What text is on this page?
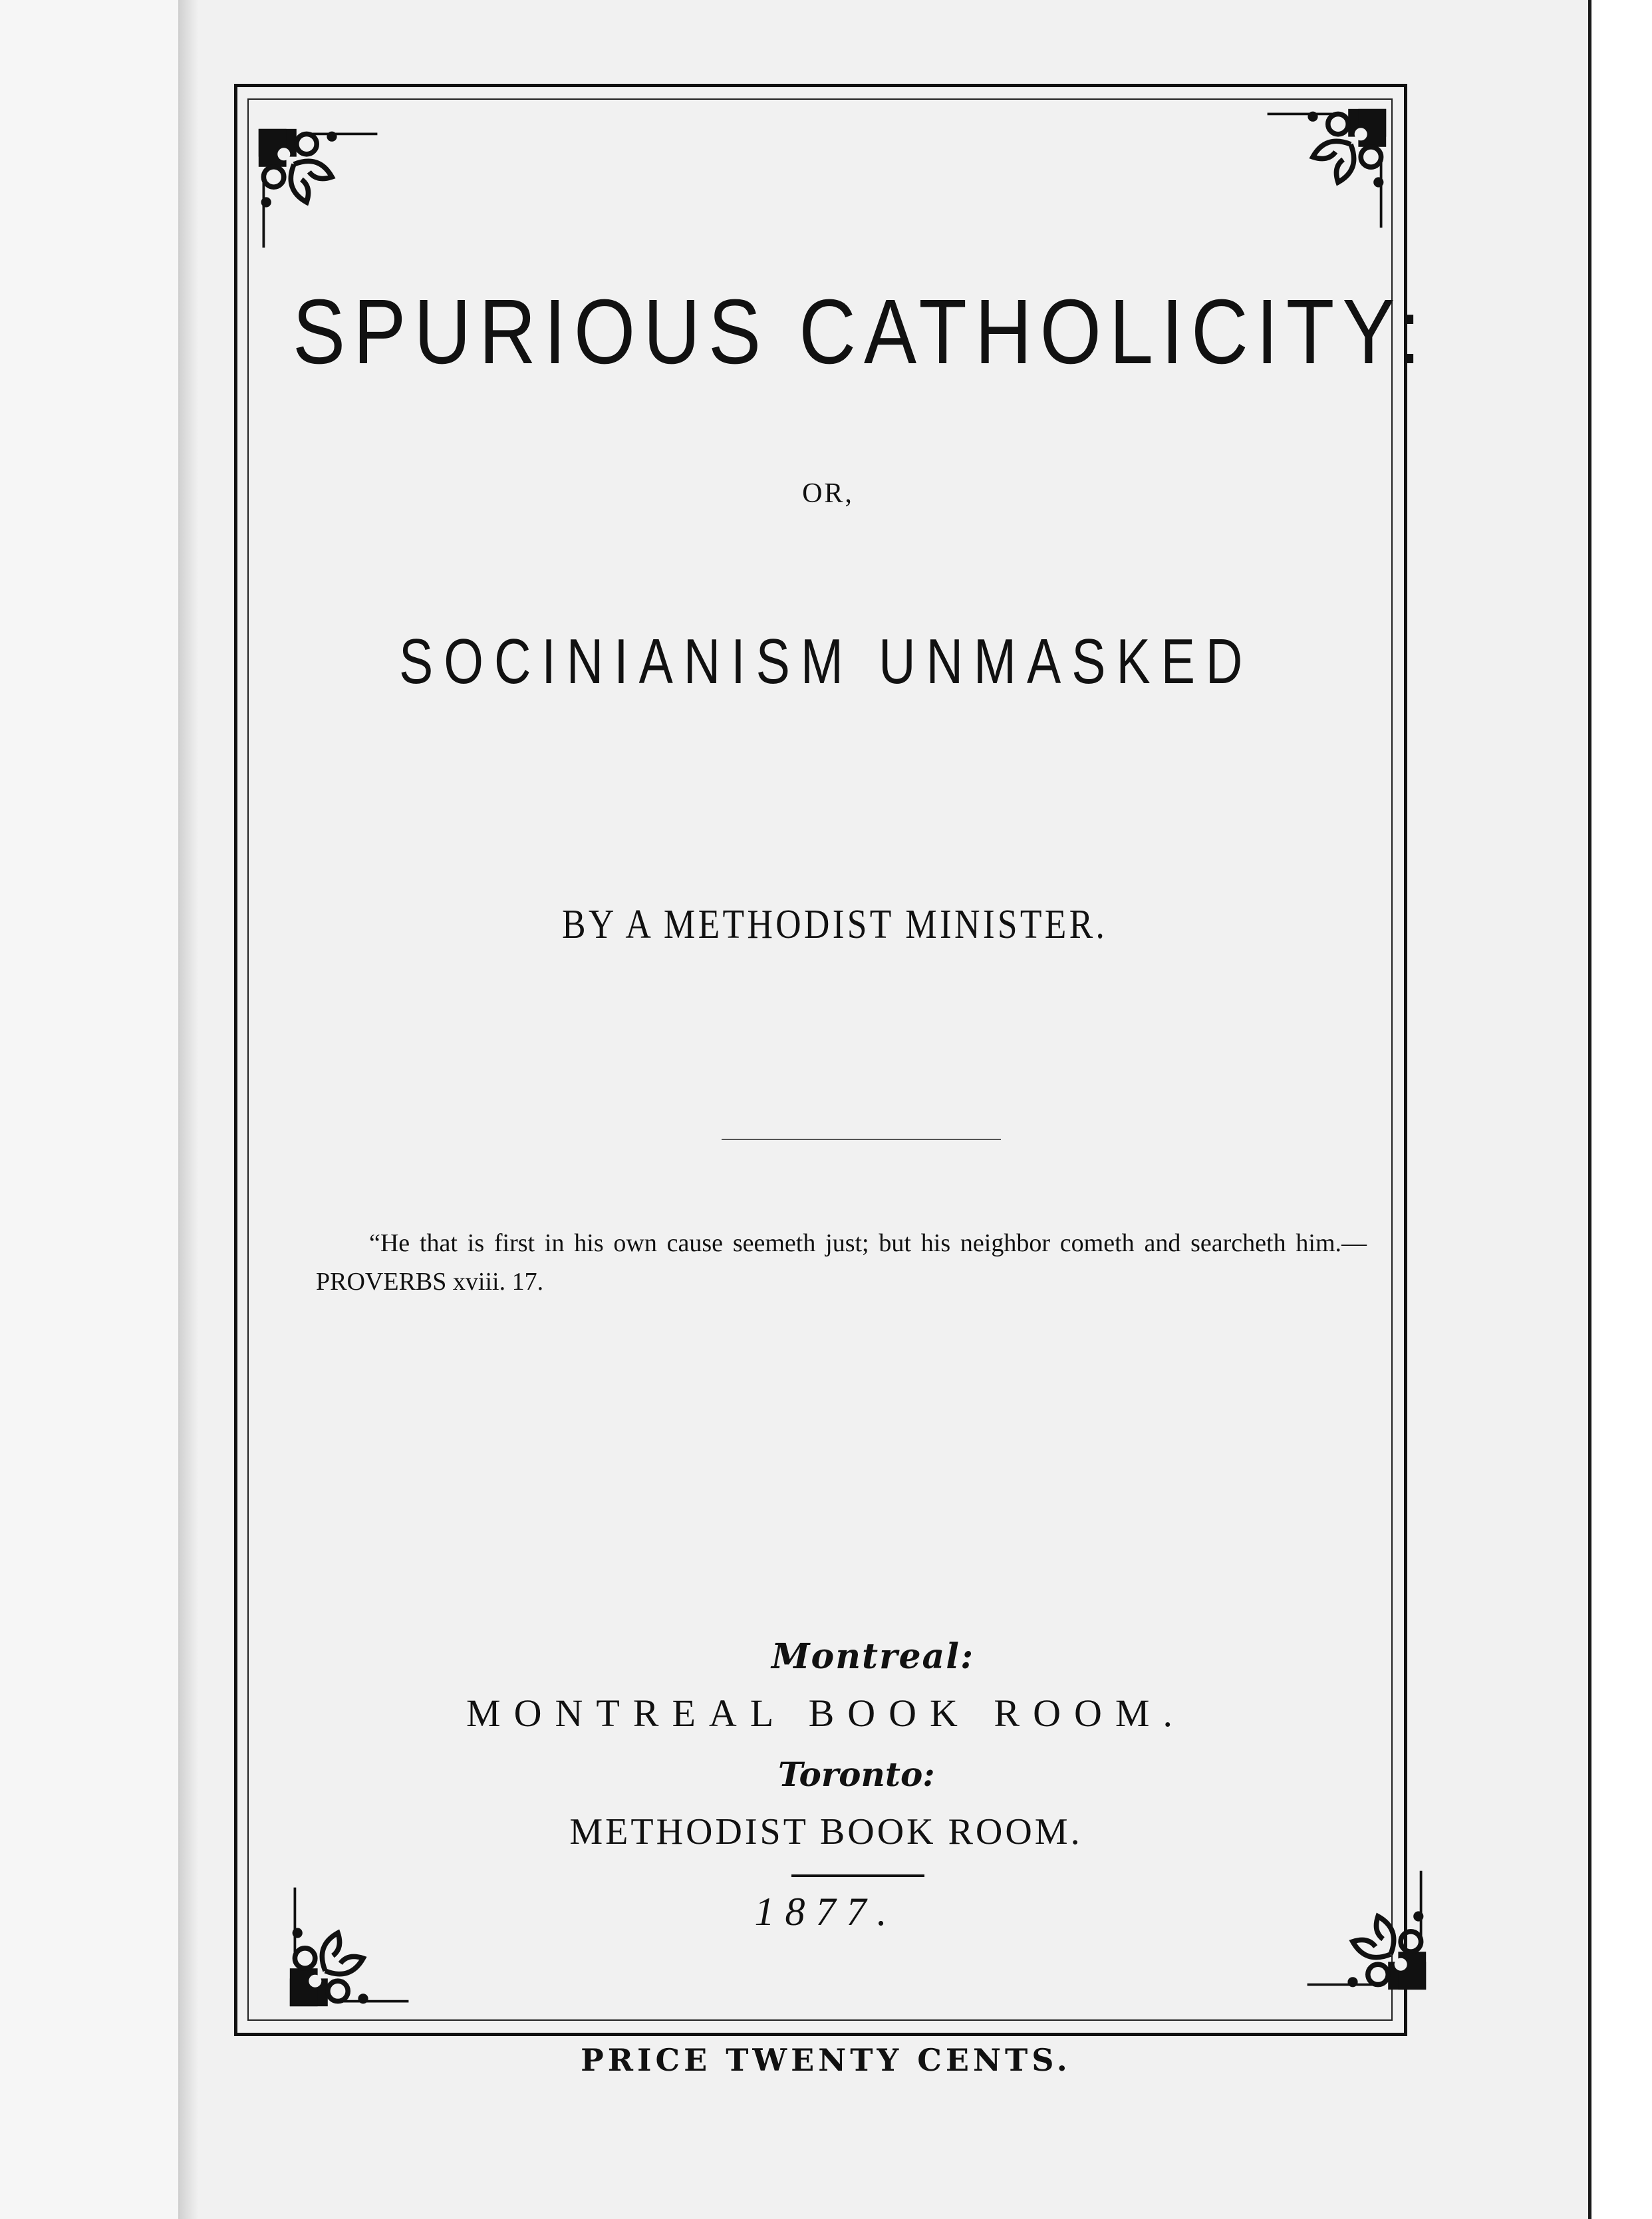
SPURIOUS CATHOLICITY:
OR,
SOCINIANISM UNMASKED
BY A METHODIST MINISTER.
“He that is first in his own cause seemeth just; but his neighbor cometh and searcheth him.—PROVERBS xviii. 17.
Montreal:
MONTREAL BOOK ROOM.
Toronto:
METHODIST BOOK ROOM.
1877.
PRICE TWENTY CENTS.
